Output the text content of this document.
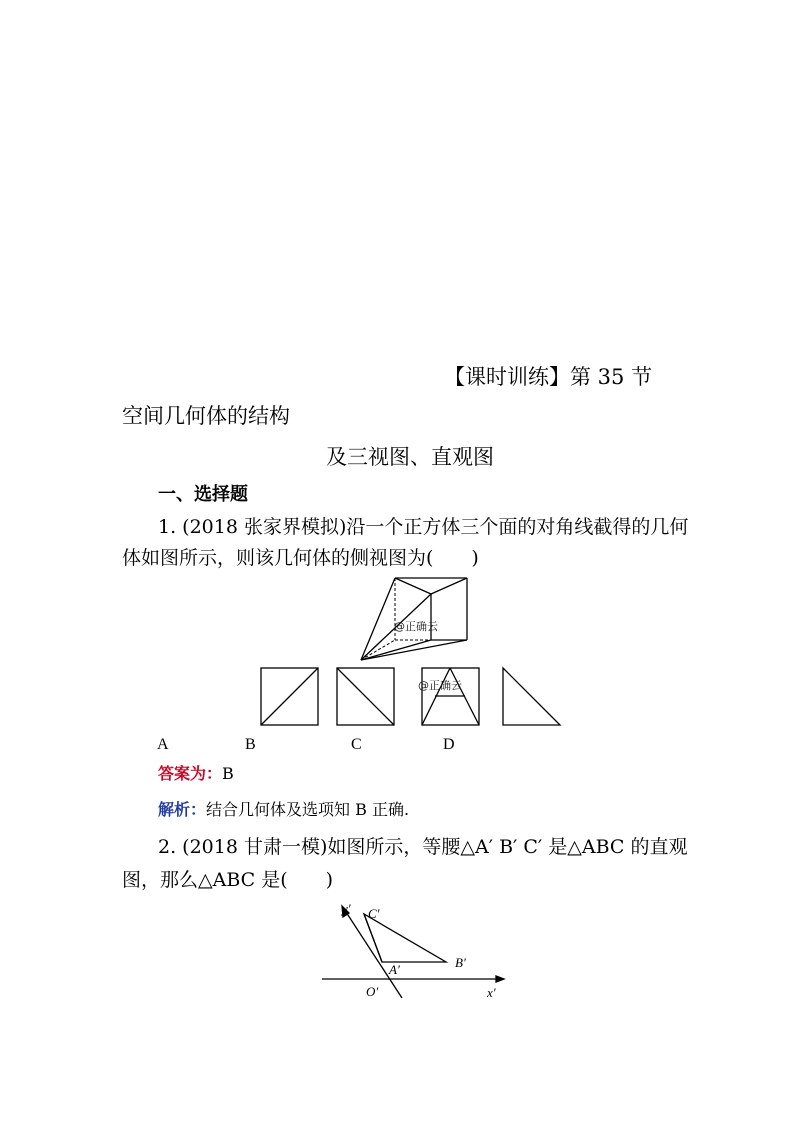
【课时训练】第 35 节
空间几何体的结构
及三视图、直观图
一、选择题
1. (2018 张家界模拟)沿一个正方体三个面的对角线截得的几何
体如图所示，则该几何体的侧视图为(　　)
@正确云
@正确云
A	B	C	D
答案为：B
解析：结合几何体及选项知 B 正确.
2. (2018 甘肃一模)如图所示，等腰△A′ B′ C′ 是△ABC 的直观
图，那么△ABC 是(　　)
y′ C′
B′
A′
O′	x′
